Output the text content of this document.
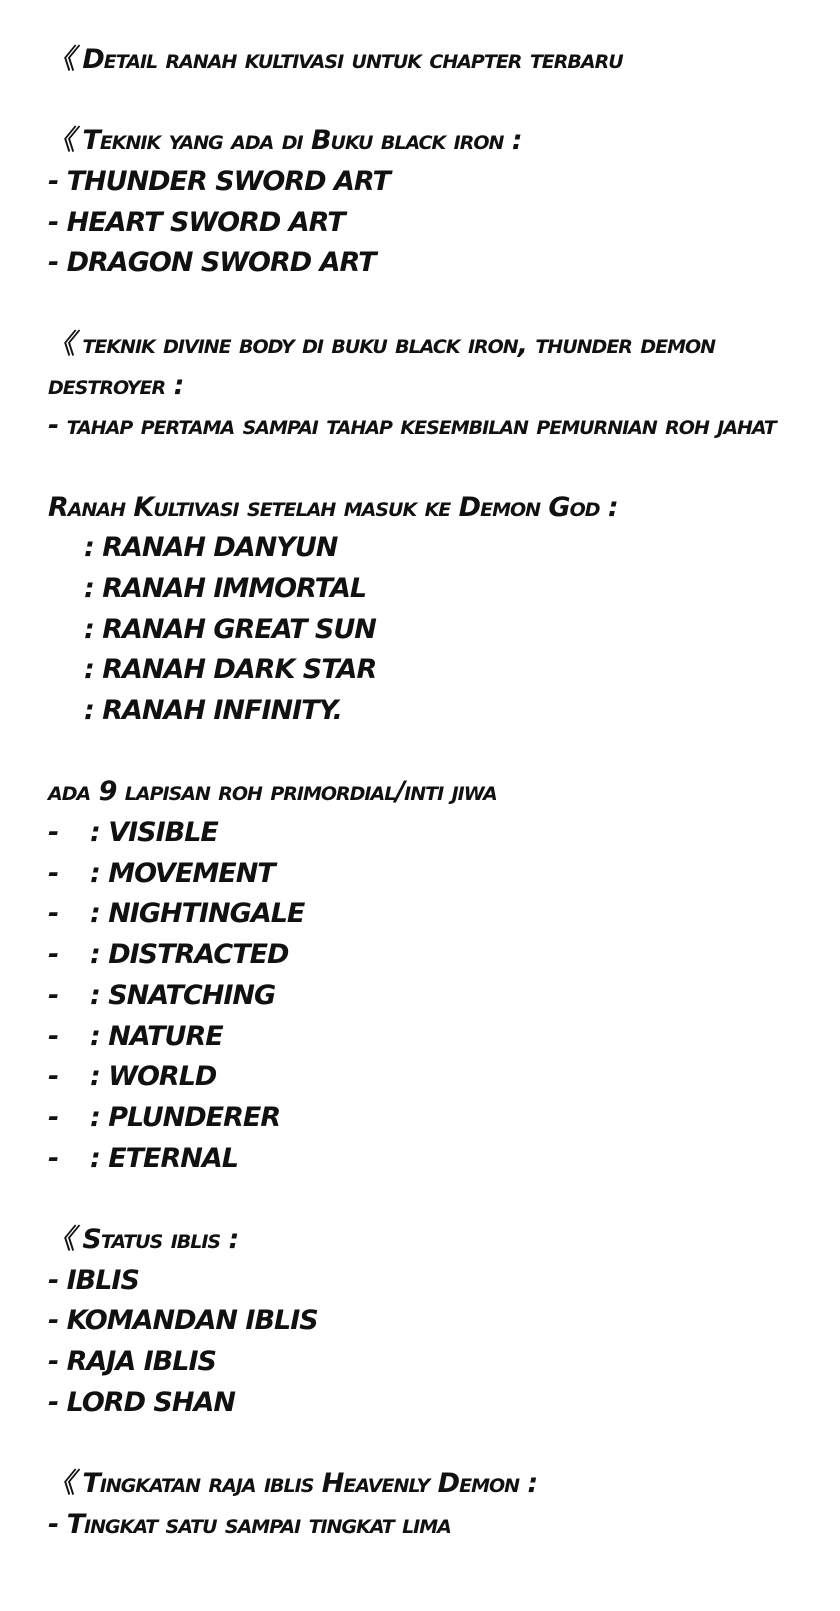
《 Detail ranah kultivasi untuk chapter terbaru
《 Teknik yang ada di Buku black iron :
- THUNDER SWORD ART
- HEART SWORD ART
- DRAGON SWORD ART
《 teknik divine body di buku black iron, thunder demon destroyer :
- tahap pertama sampai tahap kesembilan pemurnian roh jahat
Ranah Kultivasi setelah masuk ke Demon God :
: RANAH DANYUN
: RANAH IMMORTAL
: RANAH GREAT SUN
: RANAH DARK STAR
: RANAH INFINITY.
ada 9 lapisan roh primordial/inti jiwa
-	: VISIBLE
-	: MOVEMENT
-	: NIGHTINGALE
-	: DISTRACTED
-	: SNATCHING
-	: NATURE
-	: WORLD
-	: PLUNDERER
-	: ETERNAL
《 Status iblis :
- IBLIS
- KOMANDAN IBLIS
- RAJA IBLIS
- LORD SHAN
《 Tingkatan raja iblis Heavenly Demon :
- Tingkat satu sampai tingkat lima
